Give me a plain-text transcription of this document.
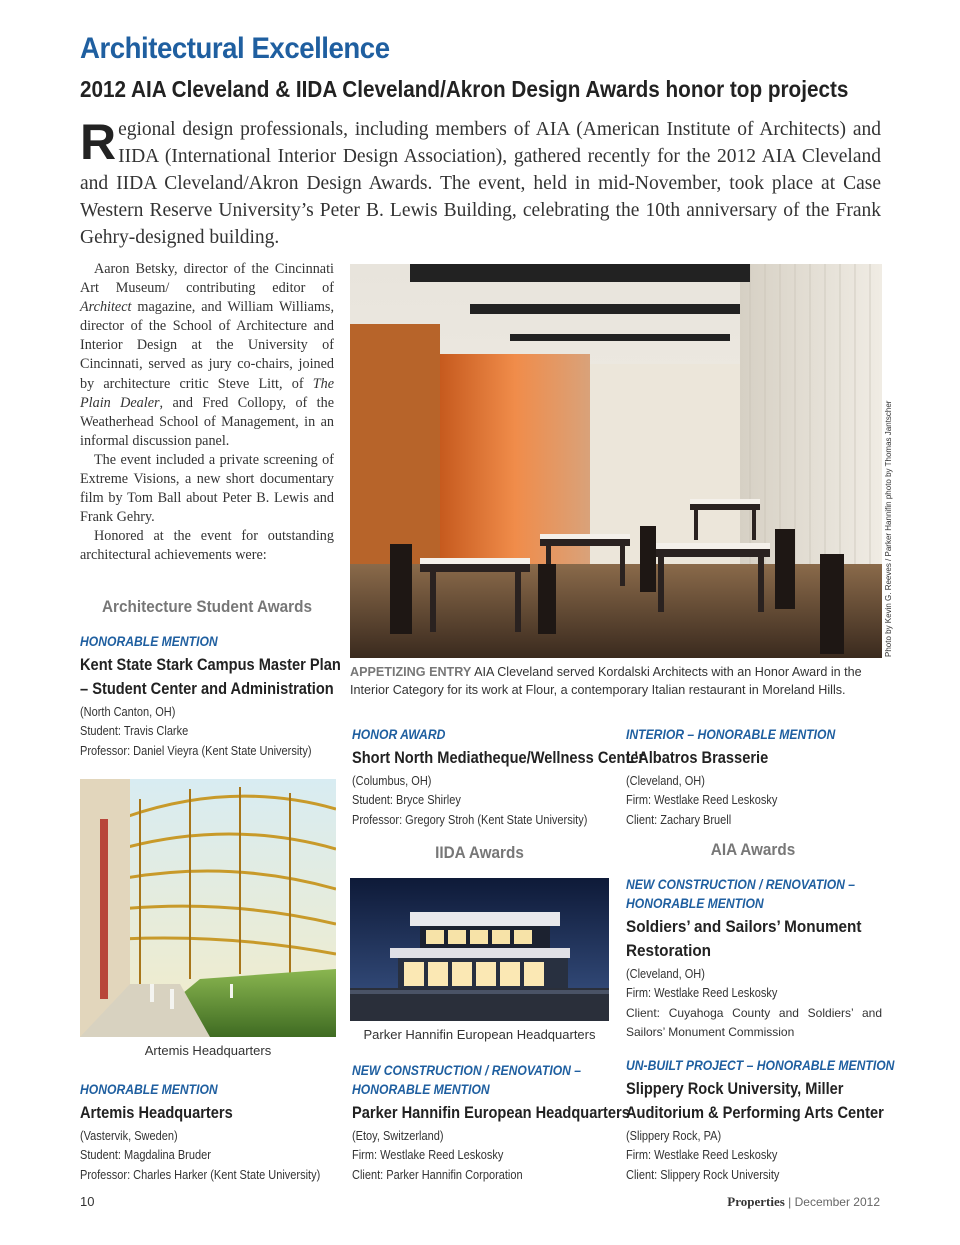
Architectural Excellence
2012 AIA Cleveland & IIDA Cleveland/Akron Design Awards honor top projects
Regional design professionals, including members of AIA (American Institute of Architects) and IIDA (International Interior Design Association), gathered recently for the 2012 AIA Cleveland and IIDA Cleveland/Akron Design Awards. The event, held in mid-November, took place at Case Western Reserve University’s Peter B. Lewis Building, celebrating the 10th anniversary of the Frank Gehry-designed building.

Aaron Betsky, director of the Cincinnati Art Museum/ contributing editor of Architect magazine, and William Williams, director of the School of Architecture and Interior Design at the University of Cincinnati, served as jury co-chairs, joined by architecture critic Steve Litt, of The Plain Dealer, and Fred Collopy, of the Weatherhead School of Management, in an informal discussion panel.

The event included a private screening of Extreme Visions, a new short documentary film by Tom Ball about Peter B. Lewis and Frank Gehry.

Honored at the event for outstanding architectural achievements were:	Photo by Kevin G. Reeves / Parker Hannifin photo by Thomas Jantscher
APPETIZING ENTRY AIA Cleveland served Kordalski Architects with an Honor Award in the Interior Category for its work at Flour, a contemporary Italian restaurant in Moreland Hills.
Architecture Student Awards
HONORABLE MENTION
Kent State Stark Campus Master Plan
– Student Center and Administration
(North Canton, OH)
Student: Travis Clarke
Professor: Daniel Vieyra (Kent State University)
Artemis Headquarters
HONORABLE MENTION
Artemis Headquarters
(Vastervik, Sweden)
Student: Magdalina Bruder
Professor: Charles Harker (Kent State University)
HONOR AWARD
Short North Mediatheque/Wellness Center
(Columbus, OH)
Student: Bryce Shirley
Professor: Gregory Stroh (Kent State University)
IIDA Awards
Parker Hannifin European Headquarters
NEW CONSTRUCTION / RENOVATION –
HONORABLE MENTION
Parker Hannifin European Headquarters
(Etoy, Switzerland)
Firm: Westlake Reed Leskosky
Client: Parker Hannifin Corporation
INTERIOR – HONORABLE MENTION
L’Albatros Brasserie
(Cleveland, OH)
Firm: Westlake Reed Leskosky
Client: Zachary Bruell
AIA Awards
NEW CONSTRUCTION / RENOVATION –
HONORABLE MENTION
Soldiers’ and Sailors’ Monument
Restoration
(Cleveland, OH)
Firm: Westlake Reed Leskosky
Client: Cuyahoga County and Soldiers’ and Sailors’ Monument Commission
UN-BUILT PROJECT – HONORABLE MENTION
Slippery Rock University, Miller
Auditorium & Performing Arts Center
(Slippery Rock, PA)
Firm: Westlake Reed Leskosky
Client: Slippery Rock University
10	Properties | December 2012
